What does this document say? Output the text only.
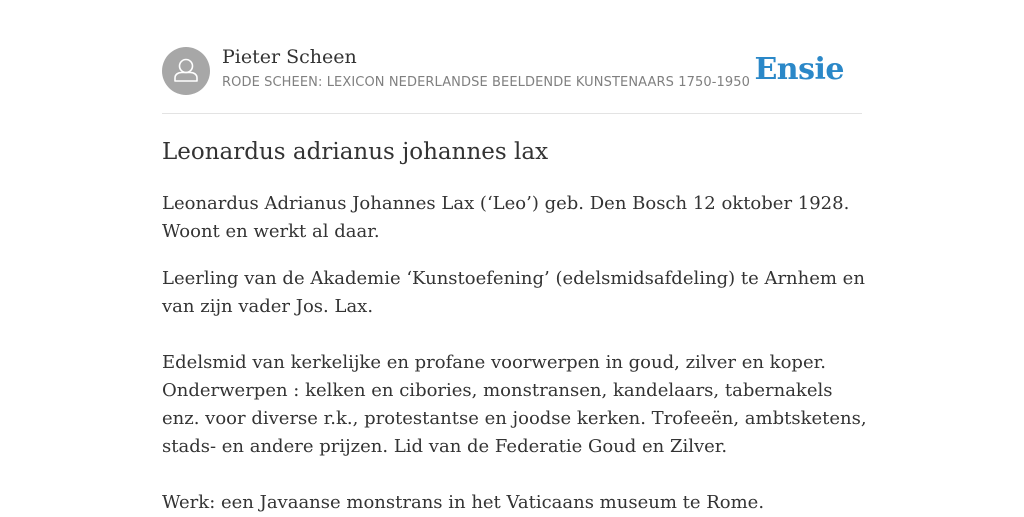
Pieter Scheen
RODE SCHEEN: LEXICON NEDERLANDSE BEELDENDE KUNSTENAARS 1750-1950 Ensie
Leonardus adrianus johannes lax

Leonardus Adrianus Johannes Lax (‘Leo’) geb. Den Bosch 12 oktober 1928. Woont en werkt al daar.

Leerling van de Akademie ‘Kunstoefening’ (edelsmidsafdeling) te Arnhem en van zijn vader Jos. Lax.

Edelsmid van kerkelijke en profane voorwerpen in goud, zilver en koper. Onderwerpen : kelken en cibories, monstransen, kandelaars, tabernakels enz. voor diverse r.k., protestantse en joodse kerken. Trofeeën, ambtsketens, stads- en andere prijzen. Lid van de Federatie Goud en Zilver.

Werk: een Javaanse monstrans in het Vaticaans museum te Rome.
